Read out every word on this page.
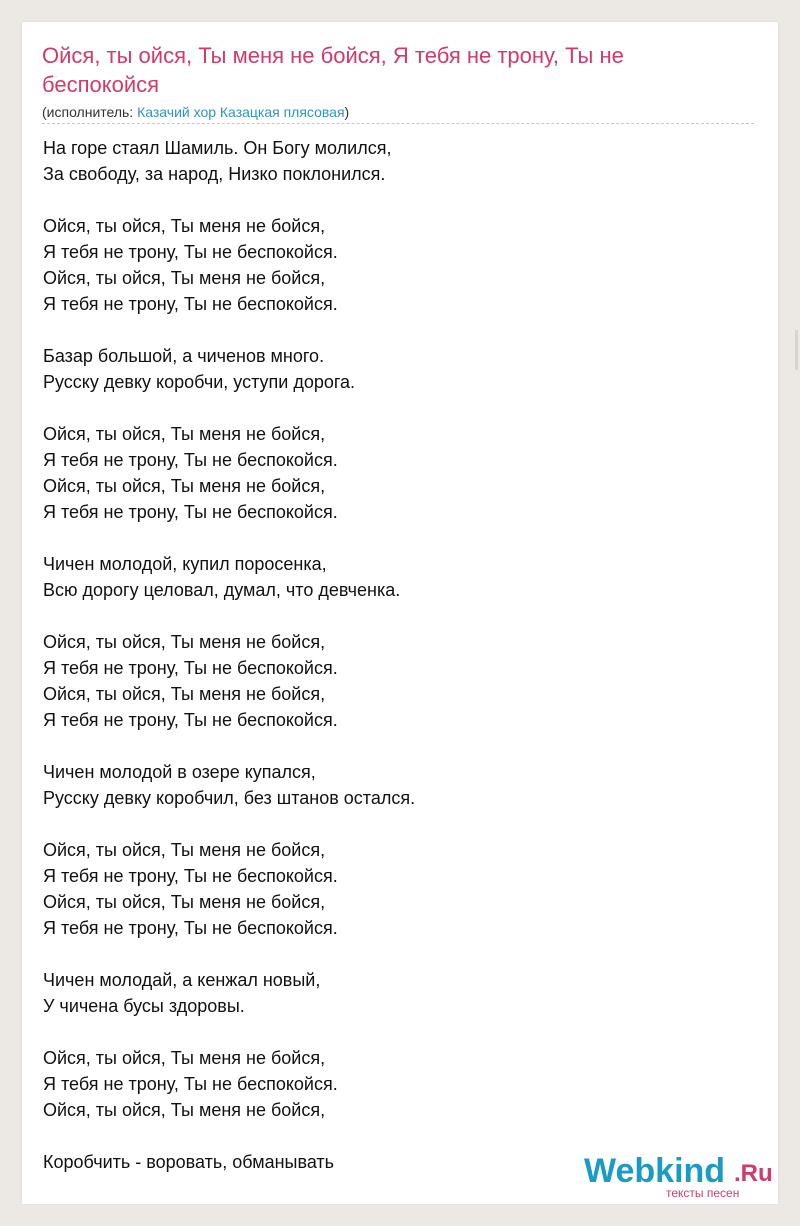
Ойся, ты ойся, Ты меня не бойся, Я тебя не трону, Ты не беспокойся
(исполнитель: Казачий хор Казацкая плясовая)
На горе стаял Шамиль. Он Богу молился,
За свободу, за народ, Низко поклонился.
Ойся, ты ойся, Ты меня не бойся,
Я тебя не трону, Ты не беспокойся.
Ойся, ты ойся, Ты меня не бойся,
Я тебя не трону, Ты не беспокойся.
Базар большой, а чиченов много.
Русску девку коробчи, уступи дорога.
Ойся, ты ойся, Ты меня не бойся,
Я тебя не трону, Ты не беспокойся.
Ойся, ты ойся, Ты меня не бойся,
Я тебя не трону, Ты не беспокойся.
Чичен молодой, купил поросенка,
Всю дорогу целовал, думал, что девченка.
Ойся, ты ойся, Ты меня не бойся,
Я тебя не трону, Ты не беспокойся.
Ойся, ты ойся, Ты меня не бойся,
Я тебя не трону, Ты не беспокойся.
Чичен молодой в озере купался,
Русску девку коробчил, без штанов остался.
Ойся, ты ойся, Ты меня не бойся,
Я тебя не трону, Ты не беспокойся.
Ойся, ты ойся, Ты меня не бойся,
Я тебя не трону, Ты не беспокойся.
Чичен молодай, а кенжал новый,
У чичена бусы здоровы.
Ойся, ты ойся, Ты меня не бойся,
Я тебя не трону, Ты не беспокойся.
Ойся, ты ойся, Ты меня не бойся,
Коробчить - воровать, обманывать	Webkind .Ru
тексты песен
